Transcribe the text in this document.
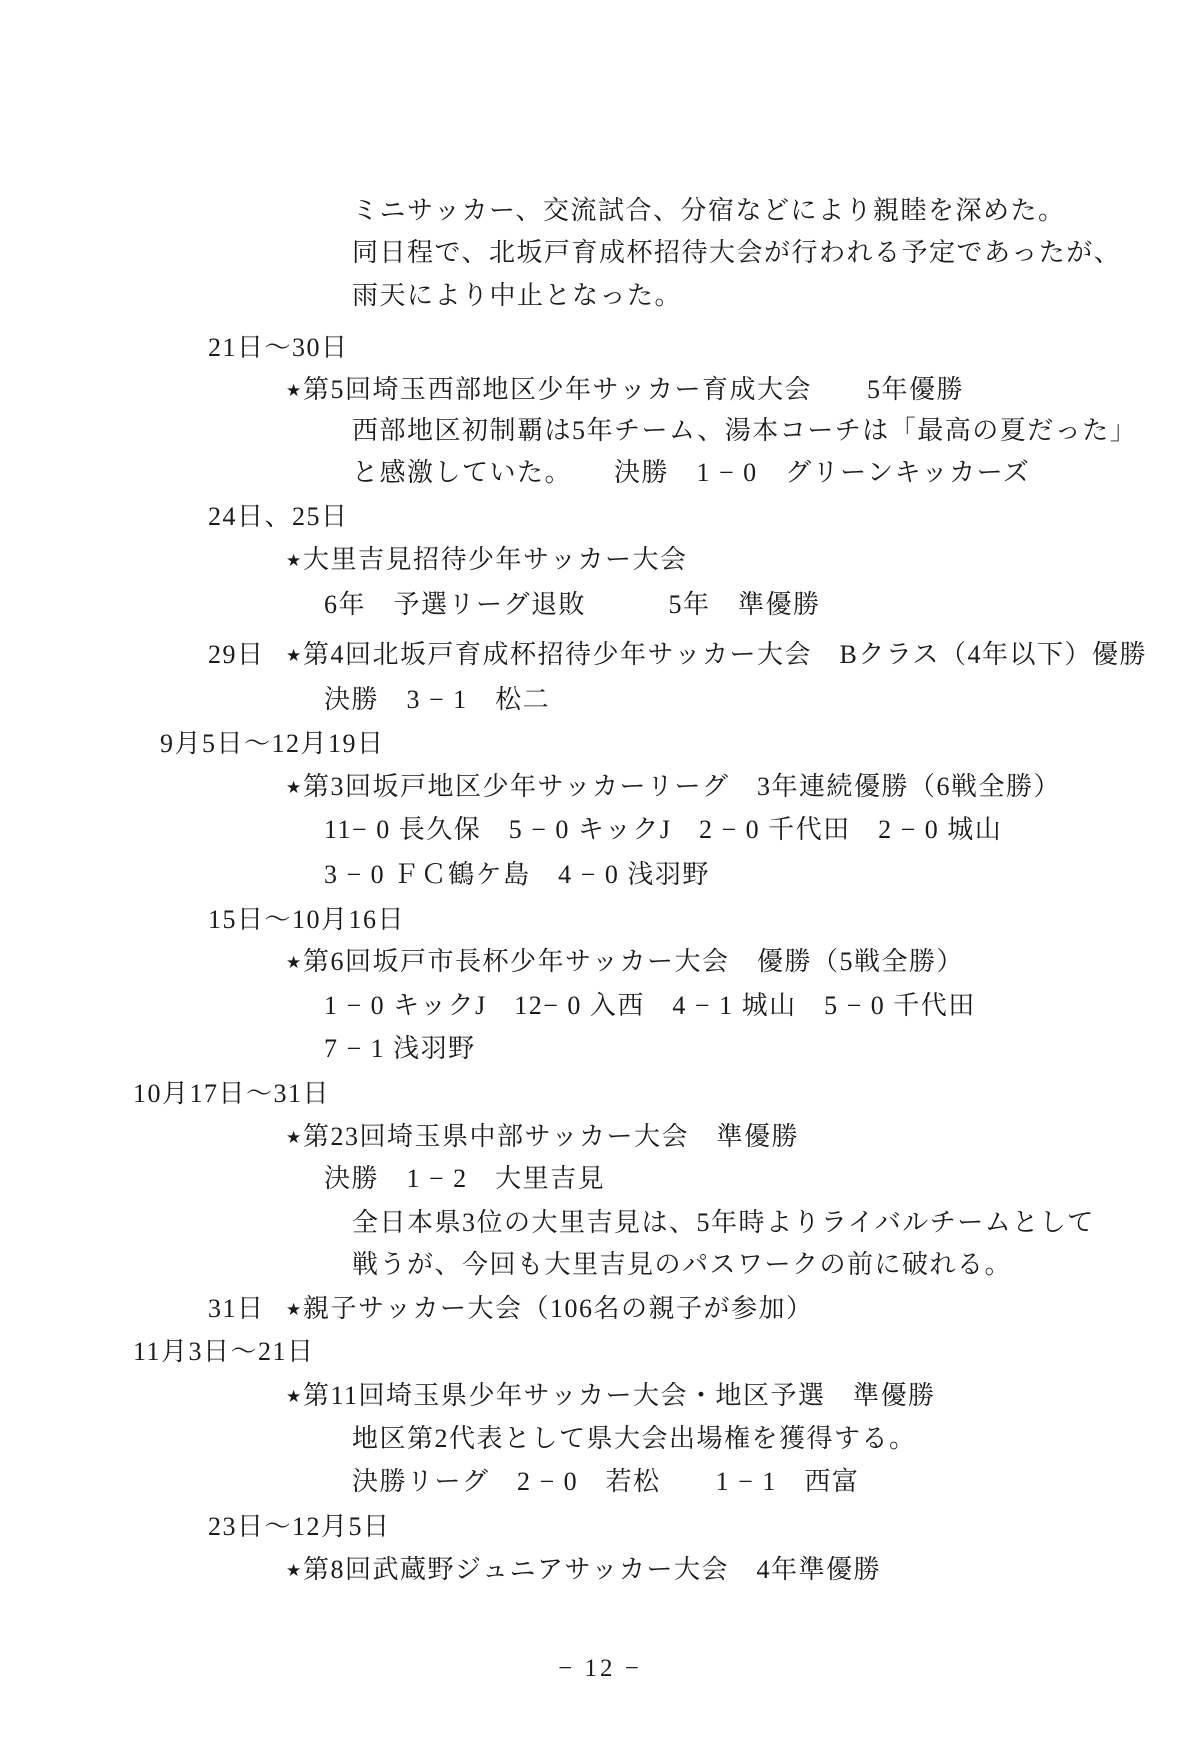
ミニサッカー、交流試合、分宿などにより親睦を深めた。
同日程で、北坂戸育成杯招待大会が行われる予定であったが、
雨天により中止となった。
21日〜30日
★ 第5回埼玉西部地区少年サッカー育成大会　　5年優勝
西部地区初制覇は5年チーム、湯本コーチは「最高の夏だった」
と感激していた。　　決勝　1 − 0　グリーンキッカーズ
24日、25日
★ 大里吉見招待少年サッカー大会
6年　予選リーグ退敗　　　5年　準優勝
29日 ★ 第4回北坂戸育成杯招待少年サッカー大会　Bクラス（4年以下）優勝
決勝　3 − 1　松二
9月5日〜12月19日
★ 第3回坂戸地区少年サッカーリーグ　3年連続優勝（6戦全勝）
11− 0 長久保　5 − 0 キックJ　2 − 0 千代田　2 − 0 城山
3 − 0 ＦＣ鶴ケ島　4 − 0 浅羽野
15日〜10月16日
★ 第6回坂戸市長杯少年サッカー大会　優勝（5戦全勝）
1 − 0 キックJ　12− 0 入西　4 − 1 城山　5 − 0 千代田
7 − 1 浅羽野
10月17日〜31日
★ 第23回埼玉県中部サッカー大会　準優勝
決勝　1 − 2　大里吉見
全日本県3位の大里吉見は、5年時よりライバルチームとして
戦うが、今回も大里吉見のパスワークの前に破れる。
31日 ★ 親子サッカー大会（106名の親子が参加）
11月3日〜21日
★ 第11回埼玉県少年サッカー大会・地区予選　準優勝
地区第2代表として県大会出場権を獲得する。
決勝リーグ　2 − 0　若松　　1 − 1　西富
23日〜12月5日
★ 第8回武蔵野ジュニアサッカー大会　4年準優勝
− 12 −
